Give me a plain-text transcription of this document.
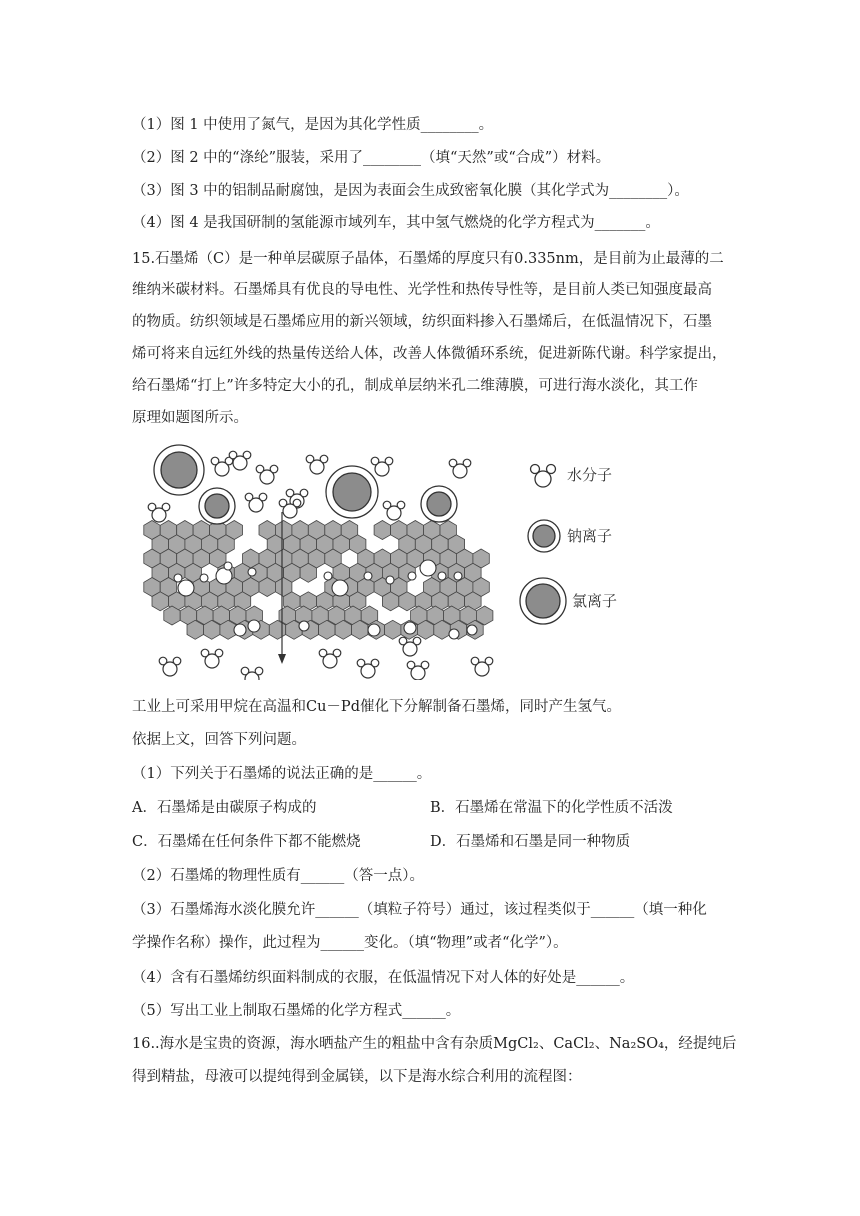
（1）图 1 中使用了氮气，是因为其化学性质________。
（2）图 2 中的“涤纶”服装，采用了________（填“天然”或“合成”）材料。
（3）图 3 中的铝制品耐腐蚀，是因为表面会生成致密氧化膜（其化学式为________）。
（4）图 4 是我国研制的氢能源市域列车，其中氢气燃烧的化学方程式为_______。
15.石墨烯（C）是一种单层碳原子晶体，石墨烯的厚度只有0.335nm，是目前为止最薄的二
维纳米碳材料。石墨烯具有优良的导电性、光学性和热传导性等，是目前人类已知强度最高
的物质。纺织领域是石墨烯应用的新兴领域，纺织面料掺入石墨烯后，在低温情况下，石墨
烯可将来自远红外线的热量传送给人体，改善人体微循环系统，促进新陈代谢。科学家提出，
给石墨烯“打上”许多特定大小的孔，制成单层纳米孔二维薄膜，可进行海水淡化，其工作
原理如题图所示。
水分子
钠离子
氯离子
工业上可采用甲烷在高温和Cu－Pd催化下分解制备石墨烯，同时产生氢气。
依据上文，回答下列问题。
（1）下列关于石墨烯的说法正确的是______。
A．石墨烯是由碳原子构成的	B．石墨烯在常温下的化学性质不活泼
C．石墨烯在任何条件下都不能燃烧	D．石墨烯和石墨是同一种物质
（2）石墨烯的物理性质有______（答一点）。
（3）石墨烯海水淡化膜允许______（填粒子符号）通过，该过程类似于______（填一种化
学操作名称）操作，此过程为______变化。（填“物理”或者“化学”）。
（4）含有石墨烯纺织面料制成的衣服，在低温情况下对人体的好处是______。
（5）写出工业上制取石墨烯的化学方程式______。
16..海水是宝贵的资源，海水晒盐产生的粗盐中含有杂质MgCl₂、CaCl₂、Na₂SO₄，经提纯后
得到精盐，母液可以提纯得到金属镁，以下是海水综合利用的流程图：
